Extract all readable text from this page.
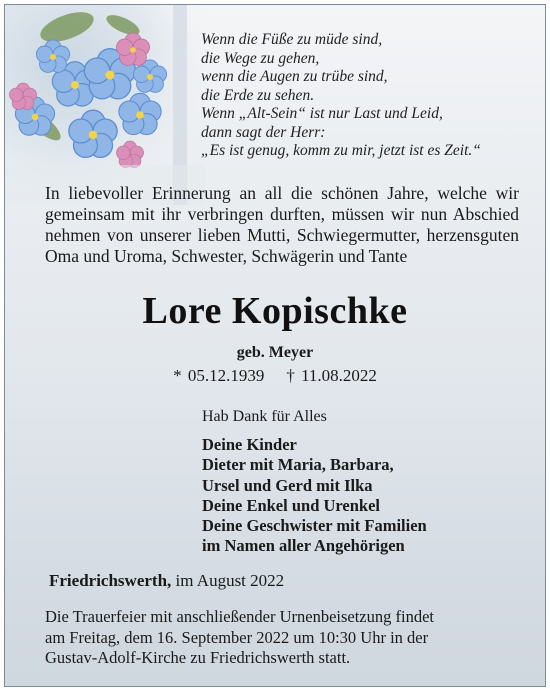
Wenn die Füße zu müde sind,
die Wege zu gehen,
wenn die Augen zu trübe sind,
die Erde zu sehen.
Wenn „Alt-Sein“ ist nur Last und Leid,
dann sagt der Herr:
„Es ist genug, komm zu mir, jetzt ist es Zeit.“

In liebevoller Erinnerung an all die schönen Jahre, welche wir gemeinsam mit ihr verbringen durften, müssen wir nun Abschied nehmen von unserer lieben Mutti, Schwiegermutter, herzensguten Oma und Uroma, Schwester, Schwägerin und Tante

Lore Kopischke
geb. Meyer
* 05.12.1939 † 11.08.2022
Hab Dank für Alles
Deine Kinder
Dieter mit Maria, Barbara,
Ursel und Gerd mit Ilka
Deine Enkel und Urenkel
Deine Geschwister mit Familien
im Namen aller Angehörigen
Friedrichswerth, im August 2022
Die Trauerfeier mit anschließender Urnenbeisetzung findet
am Freitag, dem 16. September 2022 um 10:30 Uhr in der
Gustav-Adolf-Kirche zu Friedrichswerth statt.
